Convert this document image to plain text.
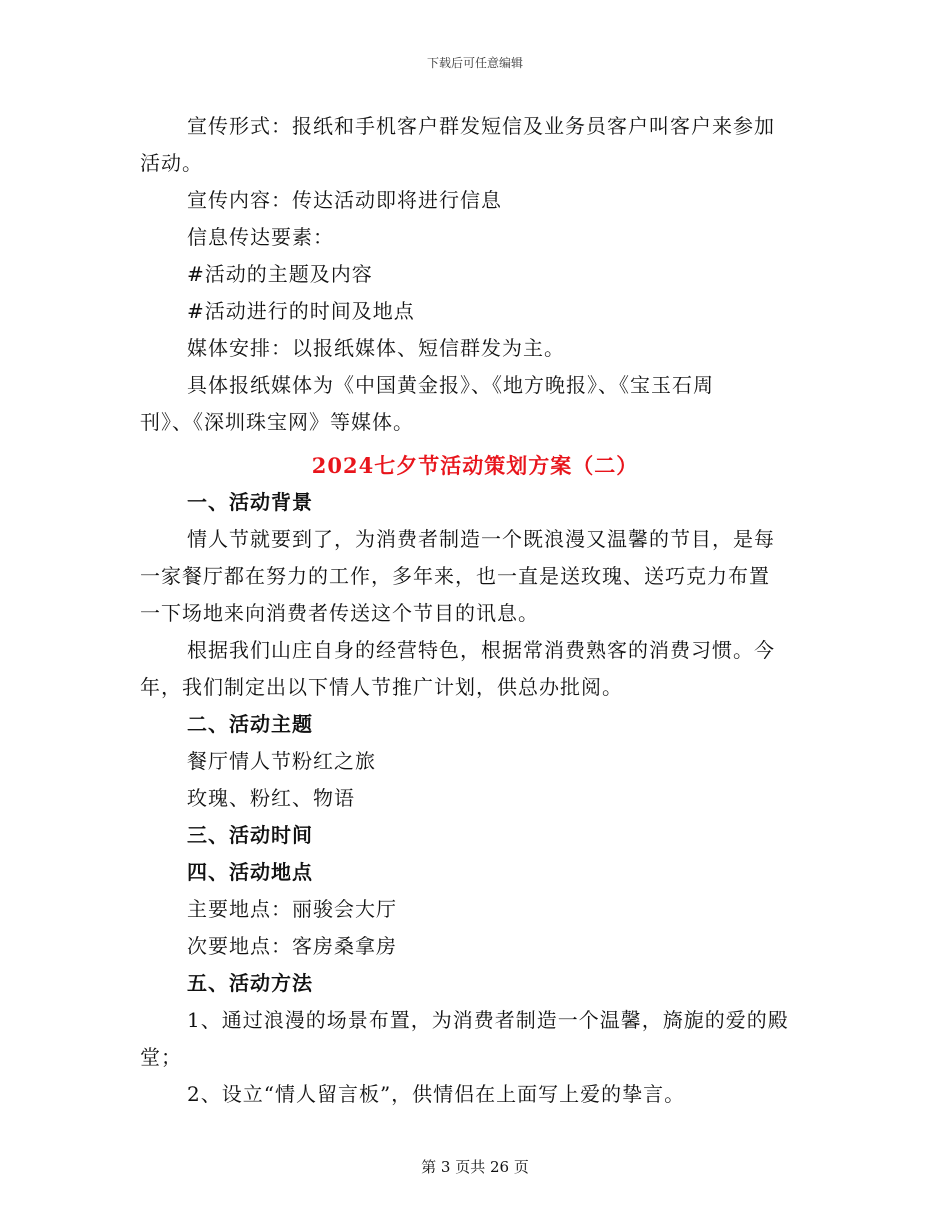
下载后可任意编辑
宣传形式：报纸和手机客户群发短信及业务员客户叫客户来参加
活动。
宣传内容：传达活动即将进行信息
信息传达要素：
#活动的主题及内容
#活动进行的时间及地点
媒体安排：以报纸媒体、短信群发为主。
具体报纸媒体为《中国黄金报》、《地方晚报》、《宝玉石周
刊》、《深圳珠宝网》等媒体。
2024七夕节活动策划方案（二）
一、活动背景
情人节就要到了，为消费者制造一个既浪漫又温馨的节目，是每
一家餐厅都在努力的工作，多年来，也一直是送玫瑰、送巧克力布置
一下场地来向消费者传送这个节目的讯息。
根据我们山庄自身的经营特色，根据常消费熟客的消费习惯。今
年，我们制定出以下情人节推广计划，供总办批阅。
二、活动主题
餐厅情人节粉红之旅
玫瑰、粉红、物语
三、活动时间
四、活动地点
主要地点：丽骏会大厅
次要地点：客房桑拿房
五、活动方法
1、通过浪漫的场景布置，为消费者制造一个温馨，旖旎的爱的殿
堂；
2、设立“情人留言板”，供情侣在上面写上爱的挚言。
第 3 页共 26 页
